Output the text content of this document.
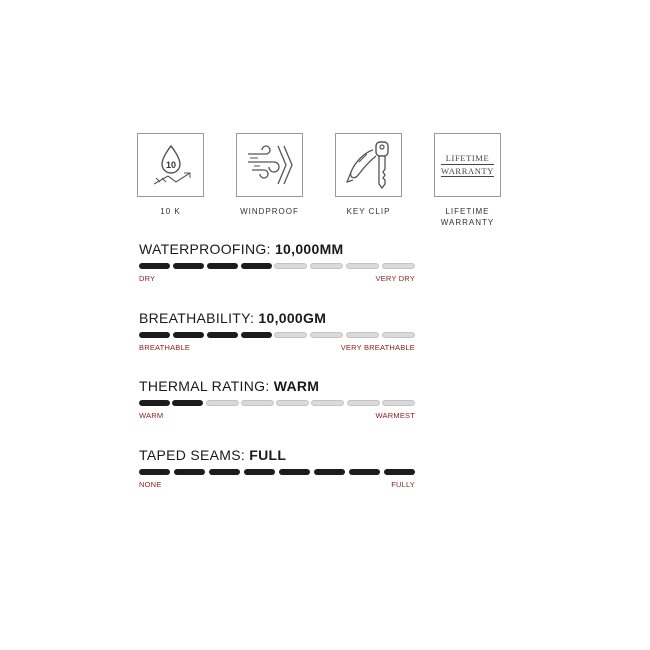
10
10 K	WINDPROOF	KEY CLIP
LIFETIME
WARRANTY
LIFETIME
WARRANTY
WATERPROOFING: 10,000MM
DRY	VERY DRY
BREATHABILITY: 10,000GM
BREATHABLE	VERY BREATHABLE
THERMAL RATING: WARM
WARM	WARMEST
TAPED SEAMS: FULL
NONE	FULLY
